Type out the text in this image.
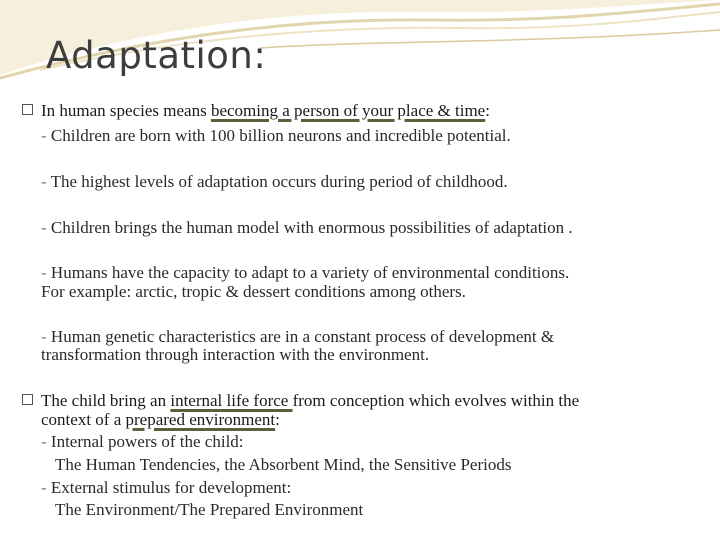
Adaptation:
In human species means becoming a person of your place & time:
- Children are born with 100 billion neurons and incredible potential.
- The highest levels of adaptation occurs during period of childhood.
- Children brings the human model with enormous possibilities of adaptation .
- Humans have the capacity to adapt to a variety of environmental conditions.
For example: arctic, tropic & dessert conditions among others.
- Human genetic characteristics are in a constant process of development &
transformation through interaction with the environment.
The child bring an internal life force from conception which evolves within the
context of a prepared environment:
- Internal powers of the child:
The Human Tendencies, the Absorbent Mind, the Sensitive Periods
- External stimulus for development:
The Environment/The Prepared Environment
